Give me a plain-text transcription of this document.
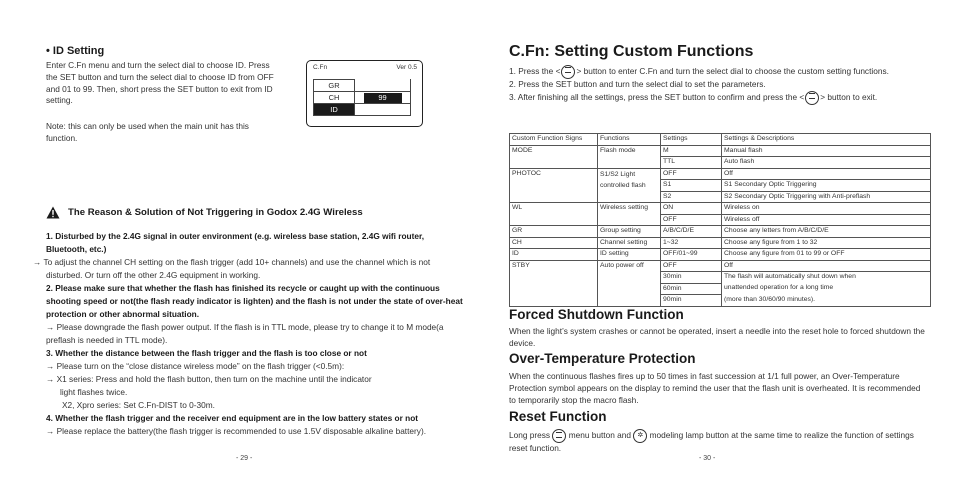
• ID Setting
Enter C.Fn menu and turn the select dial to choose ID. Press the SET button and turn the select dial to choose ID from OFF and 01 to 99. Then, short press the SET button to exit from ID setting.
Note: this can only be used when the main unit has this function.
C.Fn	Ver 0.5
GR	
CH	99
ID	
The Reason & Solution of Not Triggering in Godox 2.4G Wireless

1. Disturbed by the 2.4G signal in outer environment (e.g. wireless base station, 2.4G wifi router, Bluetooth, etc.)

→ To adjust the channel CH setting on the flash trigger (add 10+ channels) and use the channel which is not disturbed. Or turn off the other 2.4G equipment in working.

2. Please make sure that whether the flash has finished its recycle or caught up with the continuous shooting speed or not(the flash ready indicator is lighten) and the flash is not under the state of over-heat protection or other abnormal situation.

→ Please downgrade the flash power output. If the flash is in TTL mode, please try to change it to M mode(a preflash is needed in TTL mode).

3. Whether the distance between the flash trigger and the flash is too close or not

→ Please turn on the “close distance wireless mode” on the flash trigger (<0.5m):

→ X1 series: Press and hold the flash button, then turn on the machine until the indicator

light flashes twice.

X2, Xpro series: Set C.Fn-DIST to 0-30m.

4. Whether the flash trigger and the receiver end equipment are in the low battery states or not

→ Please replace the battery(the flash trigger is recommended to use 1.5V disposable alkaline battery).

- 29 -
C.Fn: Setting Custom Functions

1. Press the < > button to enter C.Fn and turn the select dial to choose the custom setting functions.

2. Press the SET button and turn the select dial to set the parameters.

3. After finishing all the settings, press the SET button to confirm and press the < > button to exit.

Custom Function Signs	Functions	Settings	Settings & Descriptions
MODE	Flash mode	M	Manual flash
		TTL	Auto flash
PHOTOC	S1/S2 Light controlled flash	OFF	Off
		S1	S1 Secondary Optic Triggering
		S2	S2 Secondary Optic Triggering with Anti-preflash
WL	Wireless setting	ON	Wireless on
		OFF	Wireless off
GR	Group setting	A/B/C/D/E	Choose any letters from A/B/C/D/E
CH	Channel setting	1~32	Choose any figure from 1 to 32
ID	ID setting	OFF/01~99	Choose any figure from 01 to 99 or OFF
STBY	Auto power off	OFF	Off
		30min	The flash will automatically shut down when
		60min	unattended operation for a long time
		90min	(more than 30/60/90 minutes).
Forced Shutdown Function
When the light’s system crashes or cannot be operated, insert a needle into the reset hole to forced shutdown the device.
Over-Temperature Protection
When the continuous flashes fires up to 50 times in fast succession at 1/1 full power, an Over-Temperature Protection symbol appears on the display to remind the user that the flash unit is overheated. It is recommended to temporarily stop the macro flash.
Reset Function
Long press menu button and ✲ modeling lamp button at the same time to realize the function of settings reset function.
- 30 -
